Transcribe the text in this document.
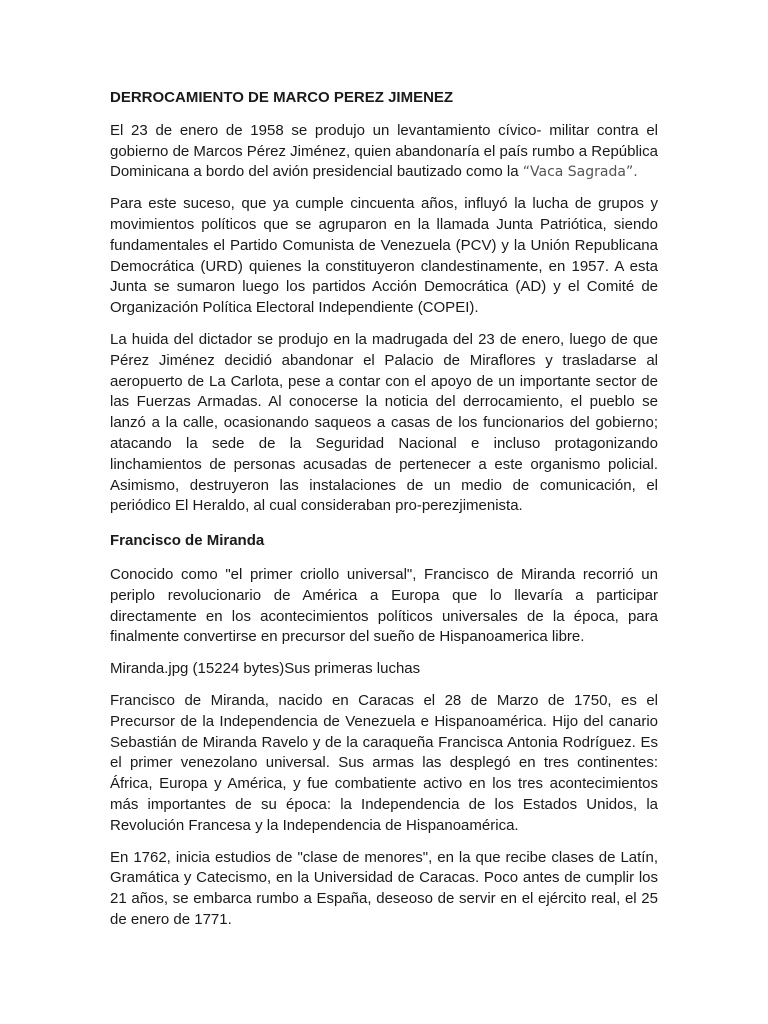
DERROCAMIENTO DE MARCO PEREZ JIMENEZ

El 23 de enero de 1958 se produjo un levantamiento cívico- militar contra el gobierno de Marcos Pérez Jiménez, quien abandonaría el país rumbo a República Dominicana a bordo del avión presidencial bautizado como la “Vaca Sagrada”.

Para este suceso, que ya cumple cincuenta años, influyó la lucha de grupos y movimientos políticos que se agruparon en la llamada Junta Patriótica, siendo fundamentales el Partido Comunista de Venezuela (PCV) y la Unión Republicana Democrática (URD) quienes la constituyeron clandestinamente, en 1957. A esta Junta se sumaron luego los partidos Acción Democrática (AD) y el Comité de Organización Política Electoral Independiente (COPEI).

La huida del dictador se produjo en la madrugada del 23 de enero, luego de que Pérez Jiménez decidió abandonar el Palacio de Miraflores y trasladarse al aeropuerto de La Carlota, pese a contar con el apoyo de un importante sector de las Fuerzas Armadas. Al conocerse la noticia del derrocamiento, el pueblo se lanzó a la calle, ocasionando saqueos a casas de los funcionarios del gobierno; atacando la sede de la Seguridad Nacional e incluso protagonizando linchamientos de personas acusadas de pertenecer a este organismo policial. Asimismo, destruyeron las instalaciones de un medio de comunicación, el periódico El Heraldo, al cual consideraban pro-perezjimenista.

Francisco de Miranda

Conocido como "el primer criollo universal", Francisco de Miranda recorrió un periplo revolucionario de América a Europa que lo llevaría a participar directamente en los acontecimientos políticos universales de la época, para finalmente convertirse en precursor del sueño de Hispanoamerica libre.

Miranda.jpg (15224 bytes)Sus primeras luchas

Francisco de Miranda, nacido en Caracas el 28 de Marzo de 1750, es el Precursor de la Independencia de Venezuela e Hispanoamérica. Hijo del canario Sebastián de Miranda Ravelo y de la caraqueña Francisca Antonia Rodríguez. Es el primer venezolano universal. Sus armas las desplegó en tres continentes: África, Europa y América, y fue combatiente activo en los tres acontecimientos más importantes de su época: la Independencia de los Estados Unidos, la Revolución Francesa y la Independencia de Hispanoamérica.

En 1762, inicia estudios de "clase de menores", en la que recibe clases de Latín, Gramática y Catecismo, en la Universidad de Caracas. Poco antes de cumplir los 21 años, se embarca rumbo a España, deseoso de servir en el ejército real, el 25 de enero de 1771.
